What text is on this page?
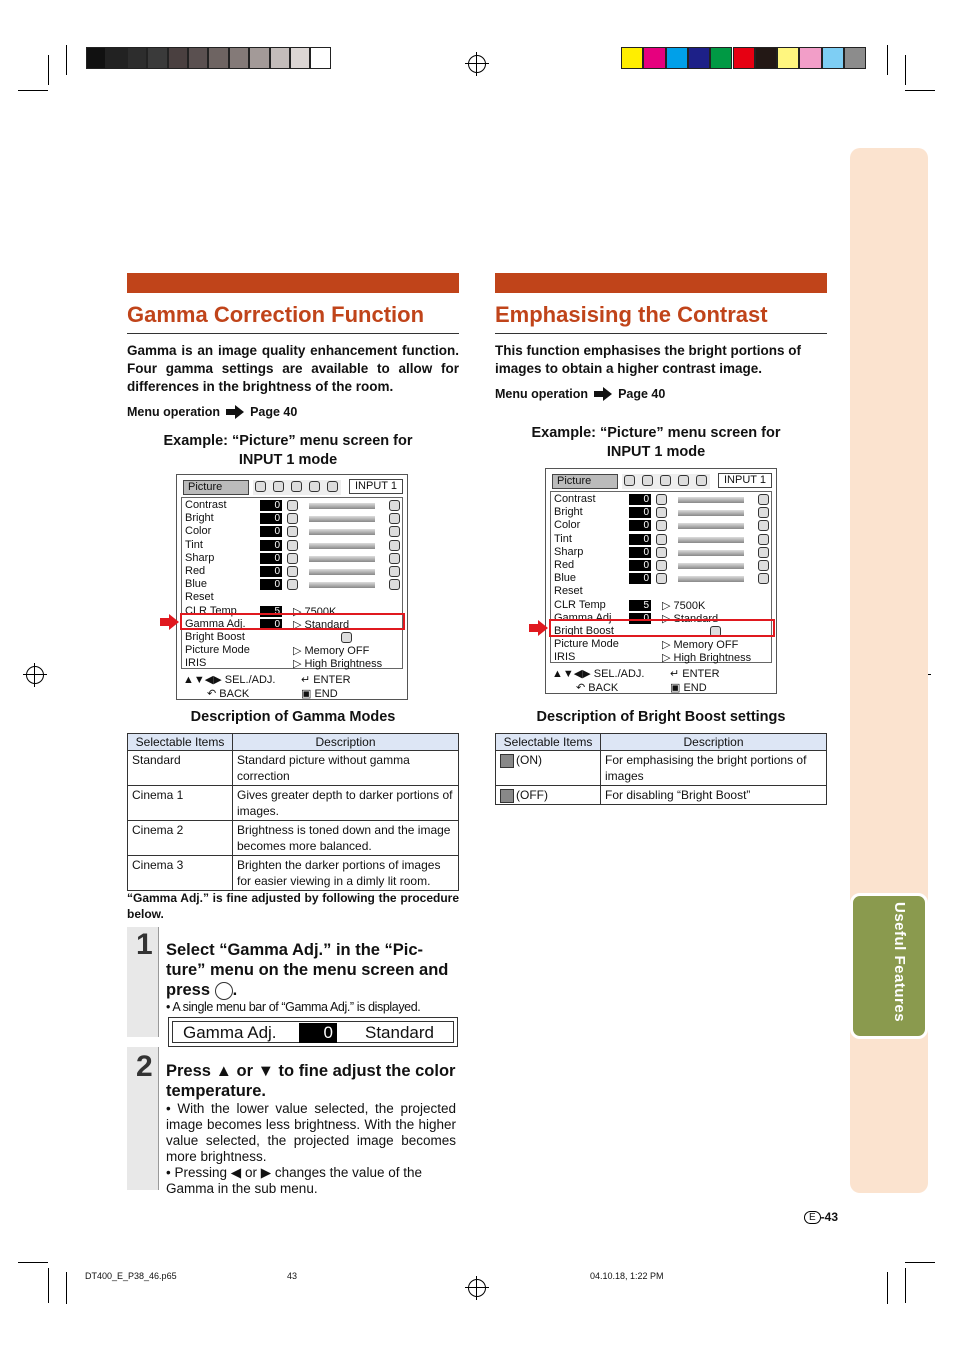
Useful Features
Gamma Correction Function
Gamma is an image quality enhancement function. Four gamma settings are available to allow for differences in the brightness of the room.
Menu operation Page 40
Example: “Picture” menu screen for
INPUT 1 mode
Picture	INPUT 1
Contrast	0
Bright	0
Color	0
Tint	0
Sharp	0
Red	0
Blue	0
Reset
CLR Temp	5 ▷ 7500K
Gamma Adj.	0 ▷ Standard
Bright Boost
Picture Mode	▷ Memory OFF
IRIS	▷ High Brightness
▲▼◀▶ SEL./ADJ.
↶ BACK
↵ ENTER
▣ END
Description of Gamma Modes
Selectable Items	Description
Standard	Standard picture without gamma correction
Cinema 1	Gives greater depth to darker portions of images.
Cinema 2	Brightness is toned down and the image becomes more balanced.
Cinema 3	Brighten the darker portions of images for easier viewing in a dimly lit room.
“Gamma Adj.” is fine adjusted by following the procedure below.
1 Select “Gamma Adj.” in the “Pic-ture” menu on the menu screen and press .
• A single menu bar of “Gamma Adj.” is displayed.
Gamma Adj.	0 Standard
2 Press ▲ or ▼ to fine adjust the color temperature.
• With the lower value selected, the projected image becomes less brightness. With the higher value selected, the projected image becomes more brightness.
• Pressing ◀ or ▶ changes the value of the Gamma in the sub menu.
Emphasising the Contrast
This function emphasises the bright portions of images to obtain a higher contrast image.
Menu operation Page 40
Example: “Picture” menu screen for
INPUT 1 mode
Picture	INPUT 1
Contrast	0
Bright	0
Color	0
Tint	0
Sharp	0
Red	0
Blue	0
Reset
CLR Temp	5 ▷ 7500K
Gamma Adj.	0 ▷ Standard
Bright Boost
Picture Mode	▷ Memory OFF
IRIS	▷ High Brightness
▲▼◀▶ SEL./ADJ.
↶ BACK
↵ ENTER
▣ END
Description of Bright Boost settings
Selectable Items	Description
(ON)	For emphasising the bright portions of images
(OFF)	For disabling “Bright Boost”
E -43
DT400_E_P38_46.p65	43	04.10.18, 1:22 PM
